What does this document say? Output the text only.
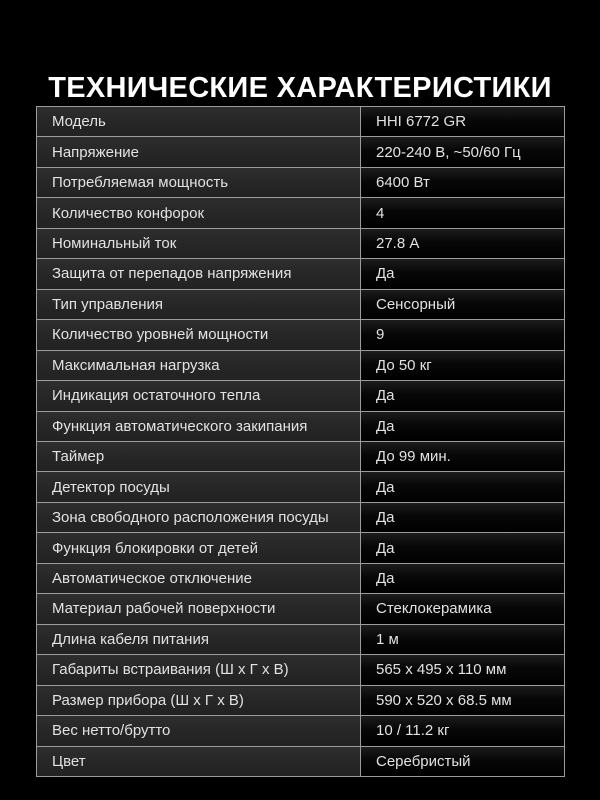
ТЕХНИЧЕСКИЕ ХАРАКТЕРИСТИКИ
Модель	HHI 6772 GR
Напряжение	220-240 В, ~50/60 Гц
Потребляемая мощность	6400 Вт
Количество конфорок	4
Номинальный ток	27.8 А
Защита от перепадов напряжения	Да
Тип управления	Сенсорный
Количество уровней мощности	9
Максимальная нагрузка	До 50 кг
Индикация остаточного тепла	Да
Функция автоматического закипания	Да
Таймер	До 99 мин.
Детектор посуды	Да
Зона свободного расположения посуды	Да
Функция блокировки от детей	Да
Автоматическое отключение	Да
Материал рабочей поверхности	Стеклокерамика
Длина кабеля питания	1 м
Габариты встраивания (Ш х Г х В)	565 x 495 x 110 мм
Размер прибора (Ш х Г х В)	590 x 520 x 68.5 мм
Вес нетто/брутто	10 / 11.2 кг
Цвет	Серебристый
